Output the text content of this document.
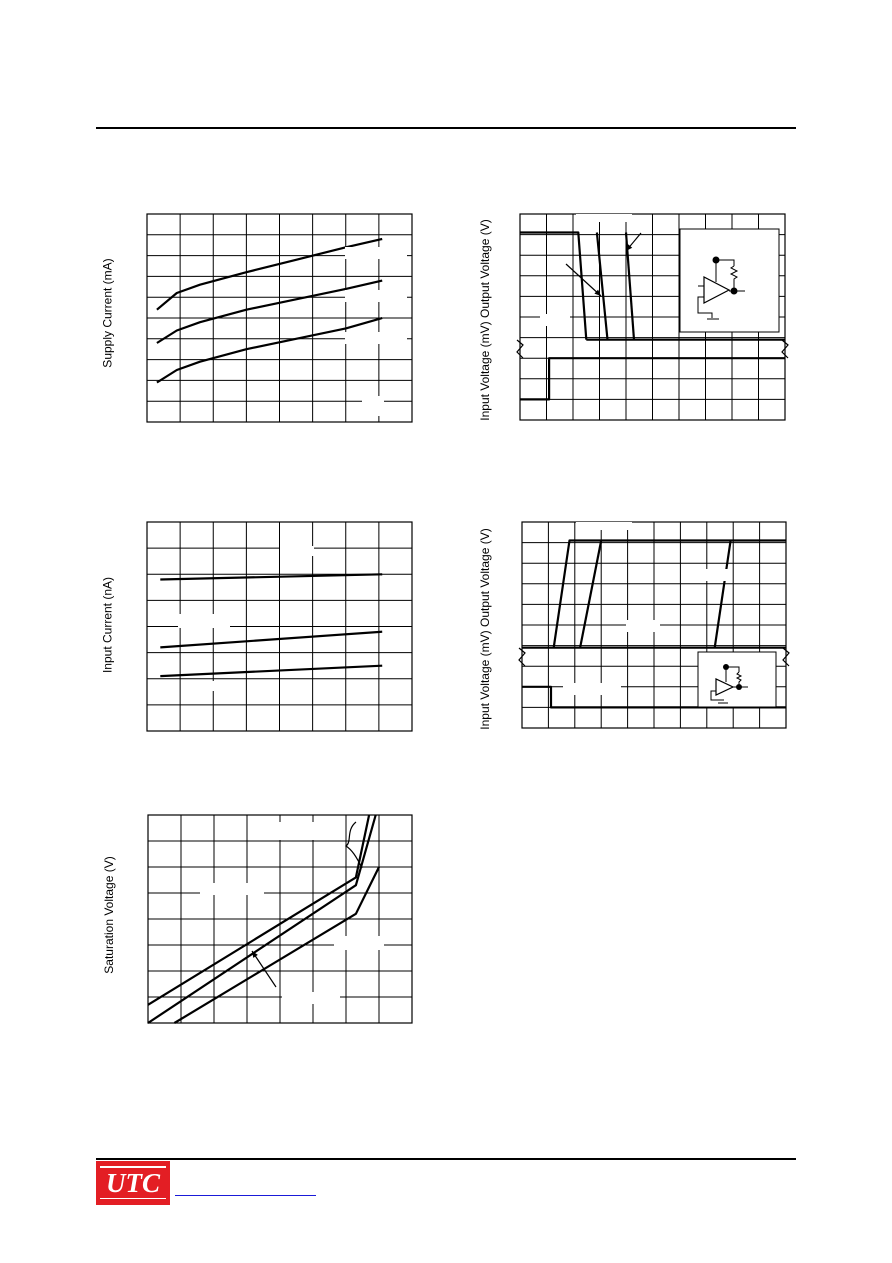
Supply Current (mA)
Input Current (nA)
Saturation Voltage (V)
Input Voltage (mV) Output Voltage (V)
Input Voltage (mV) Output Voltage (V)
UTC
